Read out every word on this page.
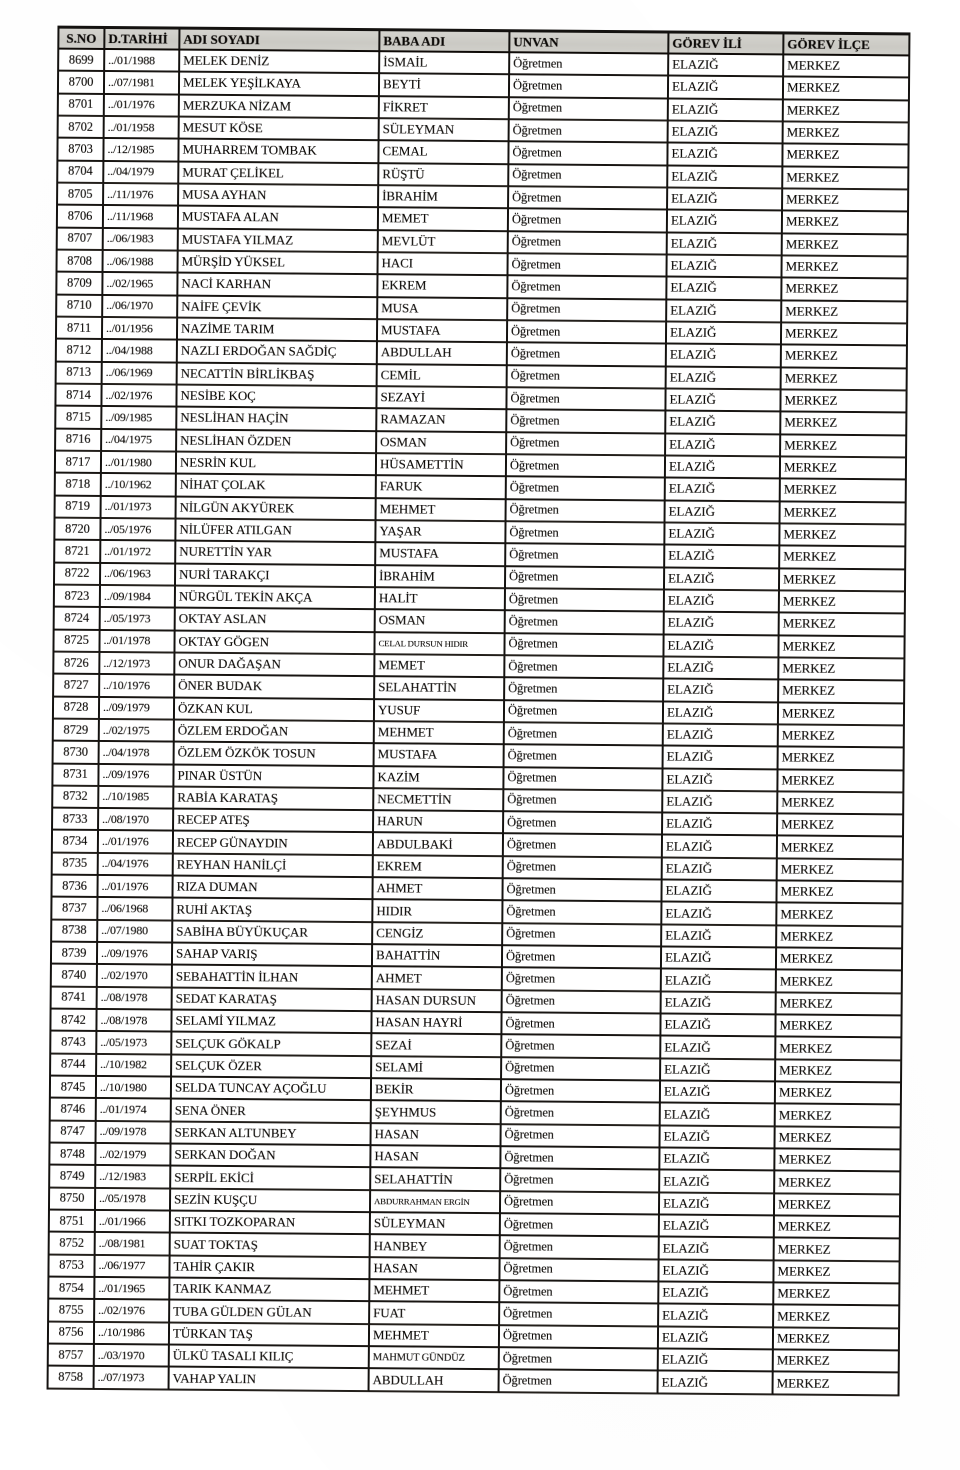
S.NO D.TARİHİ	ADI SOYADI	BABA ADI	UNVAN	GÖREV İLİ	GÖREV İLÇE
8699	../01/1988	MELEK DENİZ	İSMAİL	Öğretmen	ELAZIĞ	MERKEZ
8700	../07/1981	MELEK YEŞİLKAYA	BEYTİ	Öğretmen	ELAZIĞ	MERKEZ
8701	../01/1976	MERZUKA NİZAM	FİKRET	Öğretmen	ELAZIĞ	MERKEZ
8702	../01/1958	MESUT KÖSE	SÜLEYMAN	Öğretmen	ELAZIĞ	MERKEZ
8703	../12/1985	MUHARREM TOMBAK	CEMAL	Öğretmen	ELAZIĞ	MERKEZ
8704	../04/1979	MURAT ÇELİKEL	RÜŞTÜ	Öğretmen	ELAZIĞ	MERKEZ
8705	../11/1976	MUSA AYHAN	İBRAHİM	Öğretmen	ELAZIĞ	MERKEZ
8706	../11/1968	MUSTAFA ALAN	MEMET	Öğretmen	ELAZIĞ	MERKEZ
8707	../06/1983	MUSTAFA YILMAZ	MEVLÜT	Öğretmen	ELAZIĞ	MERKEZ
8708	../06/1988	MÜRŞİD YÜKSEL	HACI	Öğretmen	ELAZIĞ	MERKEZ
8709	../02/1965	NACİ KARHAN	EKREM	Öğretmen	ELAZIĞ	MERKEZ
8710	../06/1970	NAİFE ÇEVİK	MUSA	Öğretmen	ELAZIĞ	MERKEZ
8711	../01/1956	NAZİME TARIM	MUSTAFA	Öğretmen	ELAZIĞ	MERKEZ
8712	../04/1988	NAZLI ERDOĞAN SAĞDİÇ	ABDULLAH	Öğretmen	ELAZIĞ	MERKEZ
8713	../06/1969	NECATTİN BİRLİKBAŞ	CEMİL	Öğretmen	ELAZIĞ	MERKEZ
8714	../02/1976	NESİBE KOÇ	SEZAYİ	Öğretmen	ELAZIĞ	MERKEZ
8715	../09/1985	NESLİHAN HAÇİN	RAMAZAN	Öğretmen	ELAZIĞ	MERKEZ
8716	../04/1975	NESLİHAN ÖZDEN	OSMAN	Öğretmen	ELAZIĞ	MERKEZ
8717	../01/1980	NESRİN KUL	HÜSAMETTİN	Öğretmen	ELAZIĞ	MERKEZ
8718	../10/1962	NİHAT ÇOLAK	FARUK	Öğretmen	ELAZIĞ	MERKEZ
8719	../01/1973	NİLGÜN AKYÜREK	MEHMET	Öğretmen	ELAZIĞ	MERKEZ
8720	../05/1976	NİLÜFER ATILGAN	YAŞAR	Öğretmen	ELAZIĞ	MERKEZ
8721	../01/1972	NURETTİN YAR	MUSTAFA	Öğretmen	ELAZIĞ	MERKEZ
8722	../06/1963	NURİ TARAKÇI	İBRAHİM	Öğretmen	ELAZIĞ	MERKEZ
8723	../09/1984	NÜRGÜL TEKİN AKÇA	HALİT	Öğretmen	ELAZIĞ	MERKEZ
8724	../05/1973	OKTAY ASLAN	OSMAN	Öğretmen	ELAZIĞ	MERKEZ
8725	../01/1978	OKTAY GÖGEN	CELAL DURSUN HIDIR	Öğretmen	ELAZIĞ	MERKEZ
8726	../12/1973	ONUR DAĞAŞAN	MEMET	Öğretmen	ELAZIĞ	MERKEZ
8727	../10/1976	ÖNER BUDAK	SELAHATTİN	Öğretmen	ELAZIĞ	MERKEZ
8728	../09/1979	ÖZKAN KUL	YUSUF	Öğretmen	ELAZIĞ	MERKEZ
8729	../02/1975	ÖZLEM ERDOĞAN	MEHMET	Öğretmen	ELAZIĞ	MERKEZ
8730	../04/1978	ÖZLEM ÖZKÖK TOSUN	MUSTAFA	Öğretmen	ELAZIĞ	MERKEZ
8731	../09/1976	PINAR ÜSTÜN	KAZİM	Öğretmen	ELAZIĞ	MERKEZ
8732	../10/1985	RABİA KARATAŞ	NECMETTİN	Öğretmen	ELAZIĞ	MERKEZ
8733	../08/1970	RECEP ATEŞ	HARUN	Öğretmen	ELAZIĞ	MERKEZ
8734	../01/1976	RECEP GÜNAYDIN	ABDULBAKİ	Öğretmen	ELAZIĞ	MERKEZ
8735	../04/1976	REYHAN HANİLÇİ	EKREM	Öğretmen	ELAZIĞ	MERKEZ
8736	../01/1976	RIZA DUMAN	AHMET	Öğretmen	ELAZIĞ	MERKEZ
8737	../06/1968	RUHİ AKTAŞ	HIDIR	Öğretmen	ELAZIĞ	MERKEZ
8738	../07/1980	SABİHA BÜYÜKUÇAR	CENGİZ	Öğretmen	ELAZIĞ	MERKEZ
8739	../09/1976	SAHAP VARIŞ	BAHATTİN	Öğretmen	ELAZIĞ	MERKEZ
8740	../02/1970	SEBAHATTİN İLHAN	AHMET	Öğretmen	ELAZIĞ	MERKEZ
8741	../08/1978	SEDAT KARATAŞ	HASAN DURSUN	Öğretmen	ELAZIĞ	MERKEZ
8742	../08/1978	SELAMİ YILMAZ	HASAN HAYRİ	Öğretmen	ELAZIĞ	MERKEZ
8743	../05/1973	SELÇUK GÖKALP	SEZAİ	Öğretmen	ELAZIĞ	MERKEZ
8744	../10/1982	SELÇUK ÖZER	SELAMİ	Öğretmen	ELAZIĞ	MERKEZ
8745	../10/1980	SELDA TUNCAY AÇOĞLU	BEKİR	Öğretmen	ELAZIĞ	MERKEZ
8746	../01/1974	SENA ÖNER	ŞEYHMUS	Öğretmen	ELAZIĞ	MERKEZ
8747	../09/1978	SERKAN ALTUNBEY	HASAN	Öğretmen	ELAZIĞ	MERKEZ
8748	../02/1979	SERKAN DOĞAN	HASAN	Öğretmen	ELAZIĞ	MERKEZ
8749	../12/1983	SERPİL EKİCİ	SELAHATTİN	Öğretmen	ELAZIĞ	MERKEZ
8750	../05/1978	SEZİN KUŞÇU	ABDURRAHMAN ERGİN	Öğretmen	ELAZIĞ	MERKEZ
8751	../01/1966	SITKI TOZKOPARAN	SÜLEYMAN	Öğretmen	ELAZIĞ	MERKEZ
8752	../08/1981	SUAT TOKTAŞ	HANBEY	Öğretmen	ELAZIĞ	MERKEZ
8753	../06/1977	TAHİR ÇAKIR	HASAN	Öğretmen	ELAZIĞ	MERKEZ
8754	../01/1965	TARIK KANMAZ	MEHMET	Öğretmen	ELAZIĞ	MERKEZ
8755	../02/1976	TUBA GÜLDEN GÜLAN	FUAT	Öğretmen	ELAZIĞ	MERKEZ
8756	../10/1986	TÜRKAN TAŞ	MEHMET	Öğretmen	ELAZIĞ	MERKEZ
8757	../03/1970	ÜLKÜ TASALI KILIÇ	MAHMUT GÜNDÜZ	Öğretmen	ELAZIĞ	MERKEZ
8758	../07/1973	VAHAP YALIN	ABDULLAH	Öğretmen	ELAZIĞ	MERKEZ
